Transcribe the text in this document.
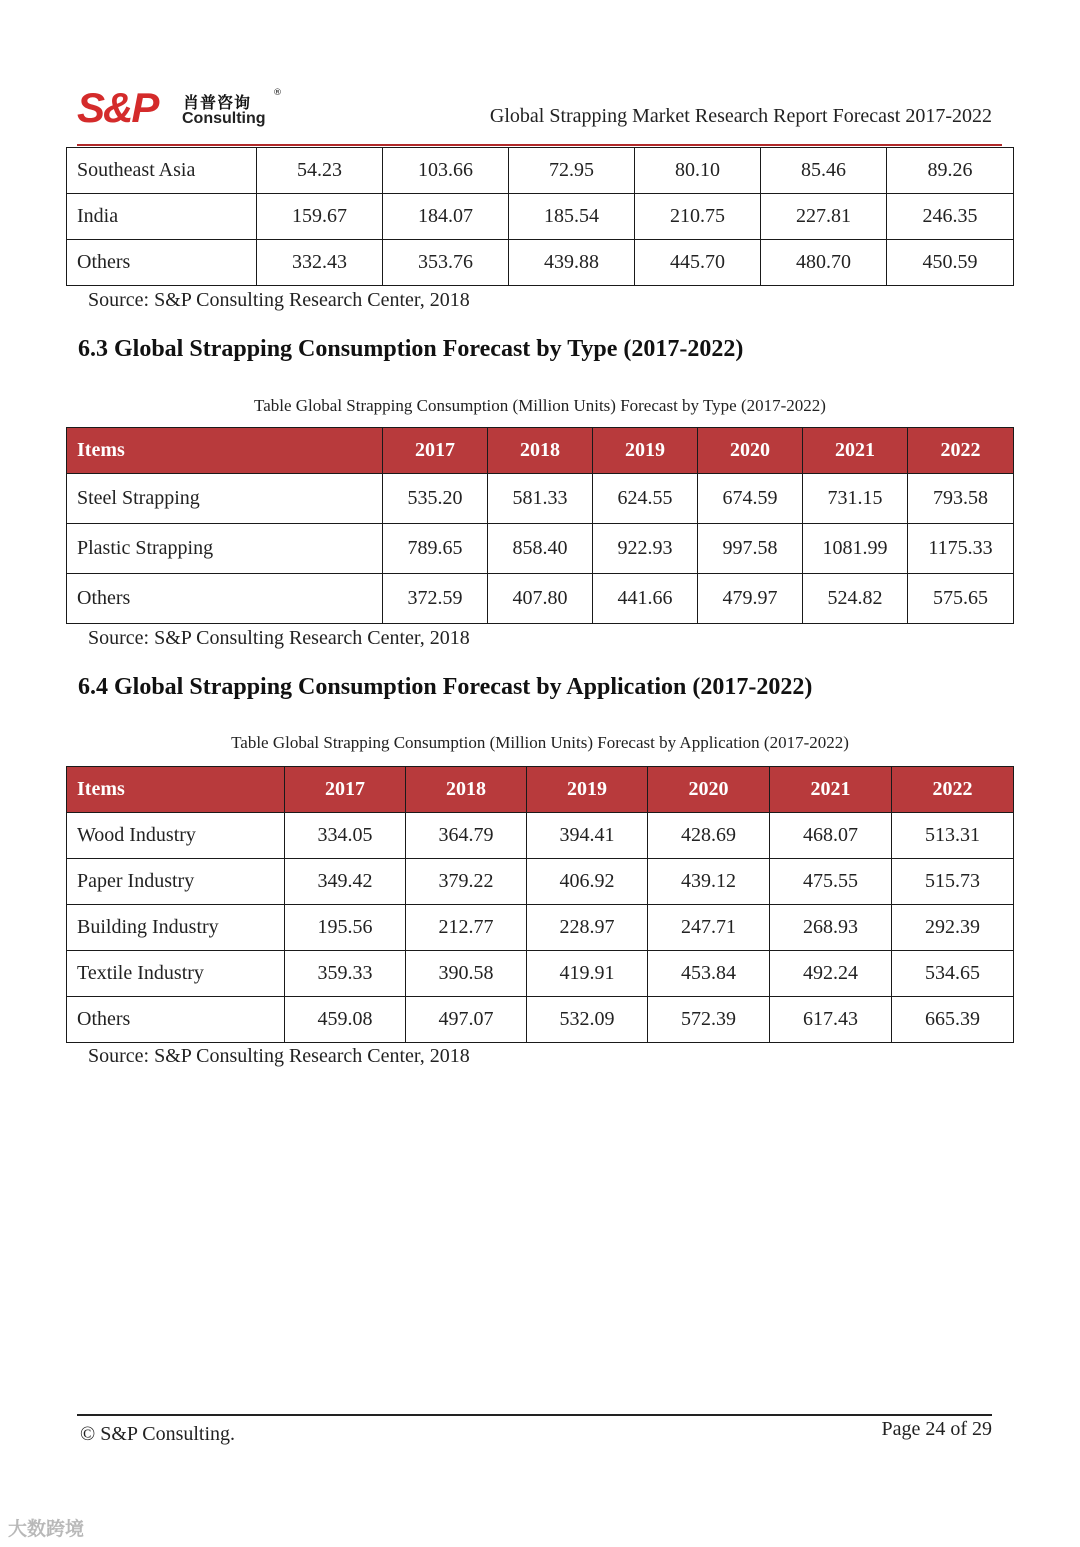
S&P 肖普咨询 ®
Consulting	Global Strapping Market Research Report Forecast 2017-2022
Southeast Asia	54.23	103.66	72.95	80.10	85.46	89.26
India	159.67	184.07	185.54	210.75	227.81	246.35
Others	332.43	353.76	439.88	445.70	480.70	450.59
Source: S&P Consulting Research Center, 2018
6.3 Global Strapping Consumption Forecast by Type (2017-2022)
Table Global Strapping Consumption (Million Units) Forecast by Type (2017-2022)
Items	2017	2018	2019	2020	2021	2022
Steel Strapping	535.20	581.33	624.55	674.59	731.15	793.58
Plastic Strapping	789.65	858.40	922.93	997.58	1081.99	1175.33
Others	372.59	407.80	441.66	479.97	524.82	575.65
Source: S&P Consulting Research Center, 2018
6.4 Global Strapping Consumption Forecast by Application (2017-2022)
Table Global Strapping Consumption (Million Units) Forecast by Application (2017-2022)
Items	2017	2018	2019	2020	2021	2022
Wood Industry	334.05	364.79	394.41	428.69	468.07	513.31
Paper Industry	349.42	379.22	406.92	439.12	475.55	515.73
Building Industry	195.56	212.77	228.97	247.71	268.93	292.39
Textile Industry	359.33	390.58	419.91	453.84	492.24	534.65
Others	459.08	497.07	532.09	572.39	617.43	665.39
Source: S&P Consulting Research Center, 2018
© S&P Consulting.	Page 24 of 29
大数跨境
